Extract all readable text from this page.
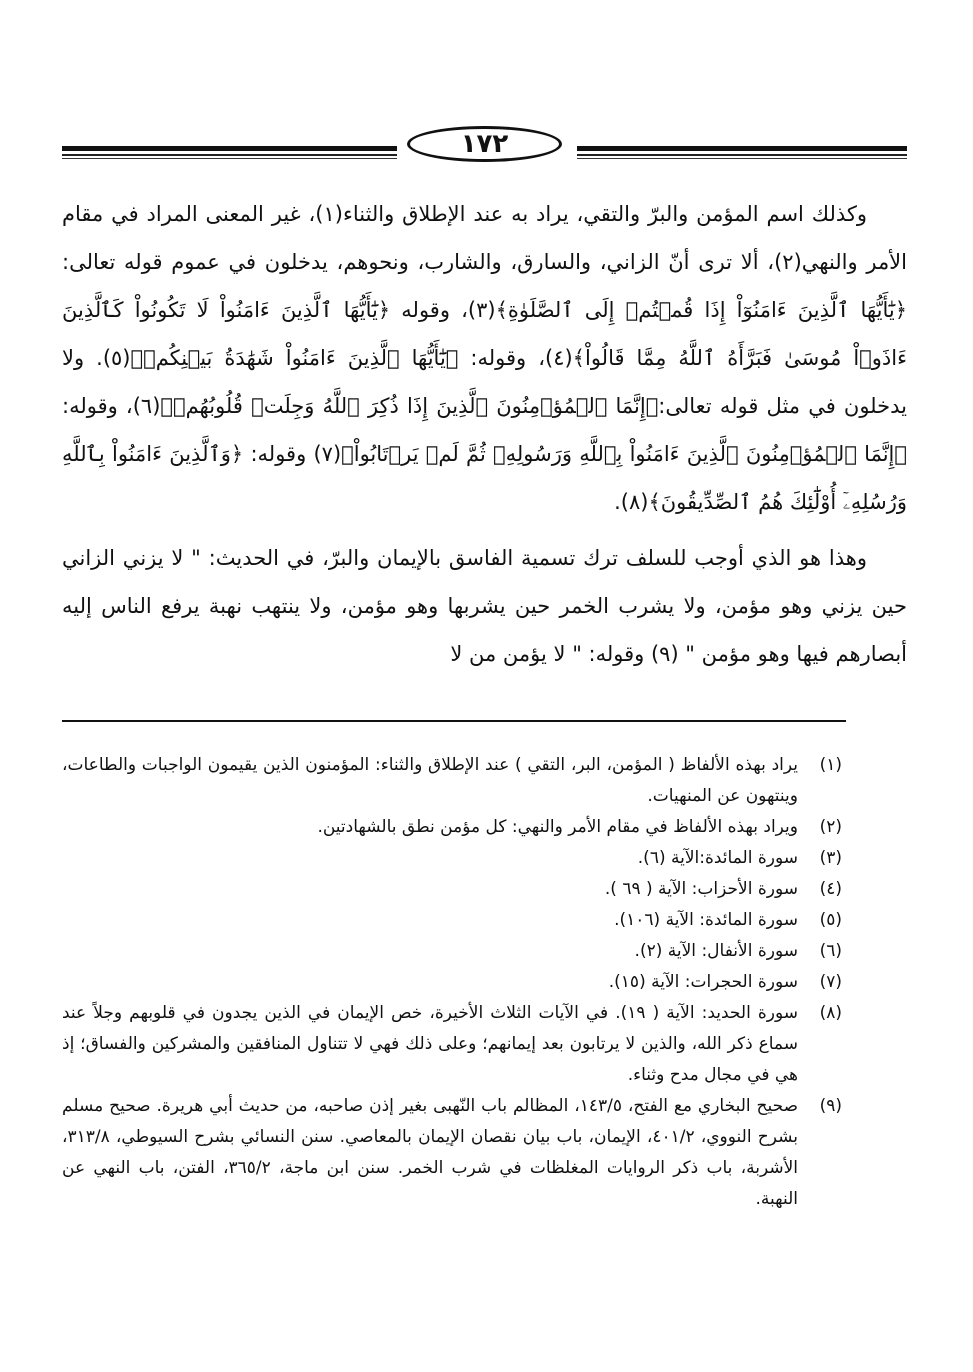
١٧٢

وكذلك اسم المؤمن والبرّ والتقي، يراد به عند الإطلاق والثناء(١)، غير المعنى المراد في مقام الأمر والنهي(٢)، ألا ترى أنّ الزاني، والسارق، والشارب، ونحوهم، يدخلون في عموم قوله تعالى:﴿يَٰٓأَيُّهَا ٱلَّذِينَ ءَامَنُوٓاْ إِذَا قُمۡتُمۡ إِلَى ٱلصَّلَوٰةِ﴾(٣)، وقوله ﴿يَٰٓأَيُّهَا ٱلَّذِينَ ءَامَنُواْ لَا تَكُونُواْ كَٱلَّذِينَ ءَاذَوۡاْ مُوسَىٰ فَبَرَّأَهُ ٱللَّهُ مِمَّا قَالُواْ﴾(٤)، وقوله: ﴿يَٰٓأَيُّهَا ٱلَّذِينَ ءَامَنُواْ شَهَٰدَةُ بَيۡنِكُمۡ﴾(٥). ولا يدخلون في مثل قوله تعالى:﴿إِنَّمَا ٱلۡمُؤۡمِنُونَ ٱلَّذِينَ إِذَا ذُكِرَ ٱللَّهُ وَجِلَتۡ قُلُوبُهُمۡ﴾(٦)، وقوله: ﴿إِنَّمَا ٱلۡمُؤۡمِنُونَ ٱلَّذِينَ ءَامَنُواْ بِٱللَّهِ وَرَسُولِهِۦ ثُمَّ لَمۡ يَرۡتَابُواْ﴾(٧) وقوله: ﴿وَٱلَّذِينَ ءَامَنُواْ بِٱللَّهِ وَرُسُلِهِۦٓ أُوْلَٰٓئِكَ هُمُ ٱلصِّدِّيقُونَ﴾(٨).

وهذا هو الذي أوجب للسلف ترك تسمية الفاسق بالإيمان والبرّ، في الحديث: " لا يزني الزاني حين يزني وهو مؤمن، ولا يشرب الخمر حين يشربها وهو مؤمن، ولا ينتهب نهبة يرفع الناس إليه أبصارهم فيها وهو مؤمن " (٩) وقوله: " لا يؤمن من لا

(١)
يراد بهذه الألفاظ ( المؤمن، البر، التقي ) عند الإطلاق والثناء: المؤمنون الذين يقيمون الواجبات والطاعات، وينتهون عن المنهيات.
(٢)
ويراد بهذه الألفاظ في مقام الأمر والنهي: كل مؤمن نطق بالشهادتين.
(٣)
سورة المائدة:الآية (٦).
(٤)
سورة الأحزاب: الآية ( ٦٩ ).
(٥)
سورة المائدة: الآية (١٠٦).
(٦)
سورة الأنفال: الآية (٢).
(٧)
سورة الحجرات: الآية (١٥).
(٨)
سورة الحديد: الآية ( ١٩). في الآيات الثلاث الأخيرة، خص الإيمان في الذين يجدون في قلوبهم وجلاً عند سماع ذكر الله، والذين لا يرتابون بعد إيمانهم؛ وعلى ذلك فهي لا تتناول المنافقين والمشركين والفساق؛ إذ هي في مجال مدح وثناء.
(٩)
صحيح البخاري مع الفتح، ١٤٣/٥، المظالم باب النّهبى بغير إذن صاحبه، من حديث أبي هريرة. صحيح مسلم بشرح النووي، ٤٠١/٢، الإيمان، باب بيان نقصان الإيمان بالمعاصي. سنن النسائي بشرح السيوطي، ٣١٣/٨، الأشربة، باب ذكر الروايات المغلظات في شرب الخمر. سنن ابن ماجة، ٣٦٥/٢، الفتن، باب النهي عن النهبة.
